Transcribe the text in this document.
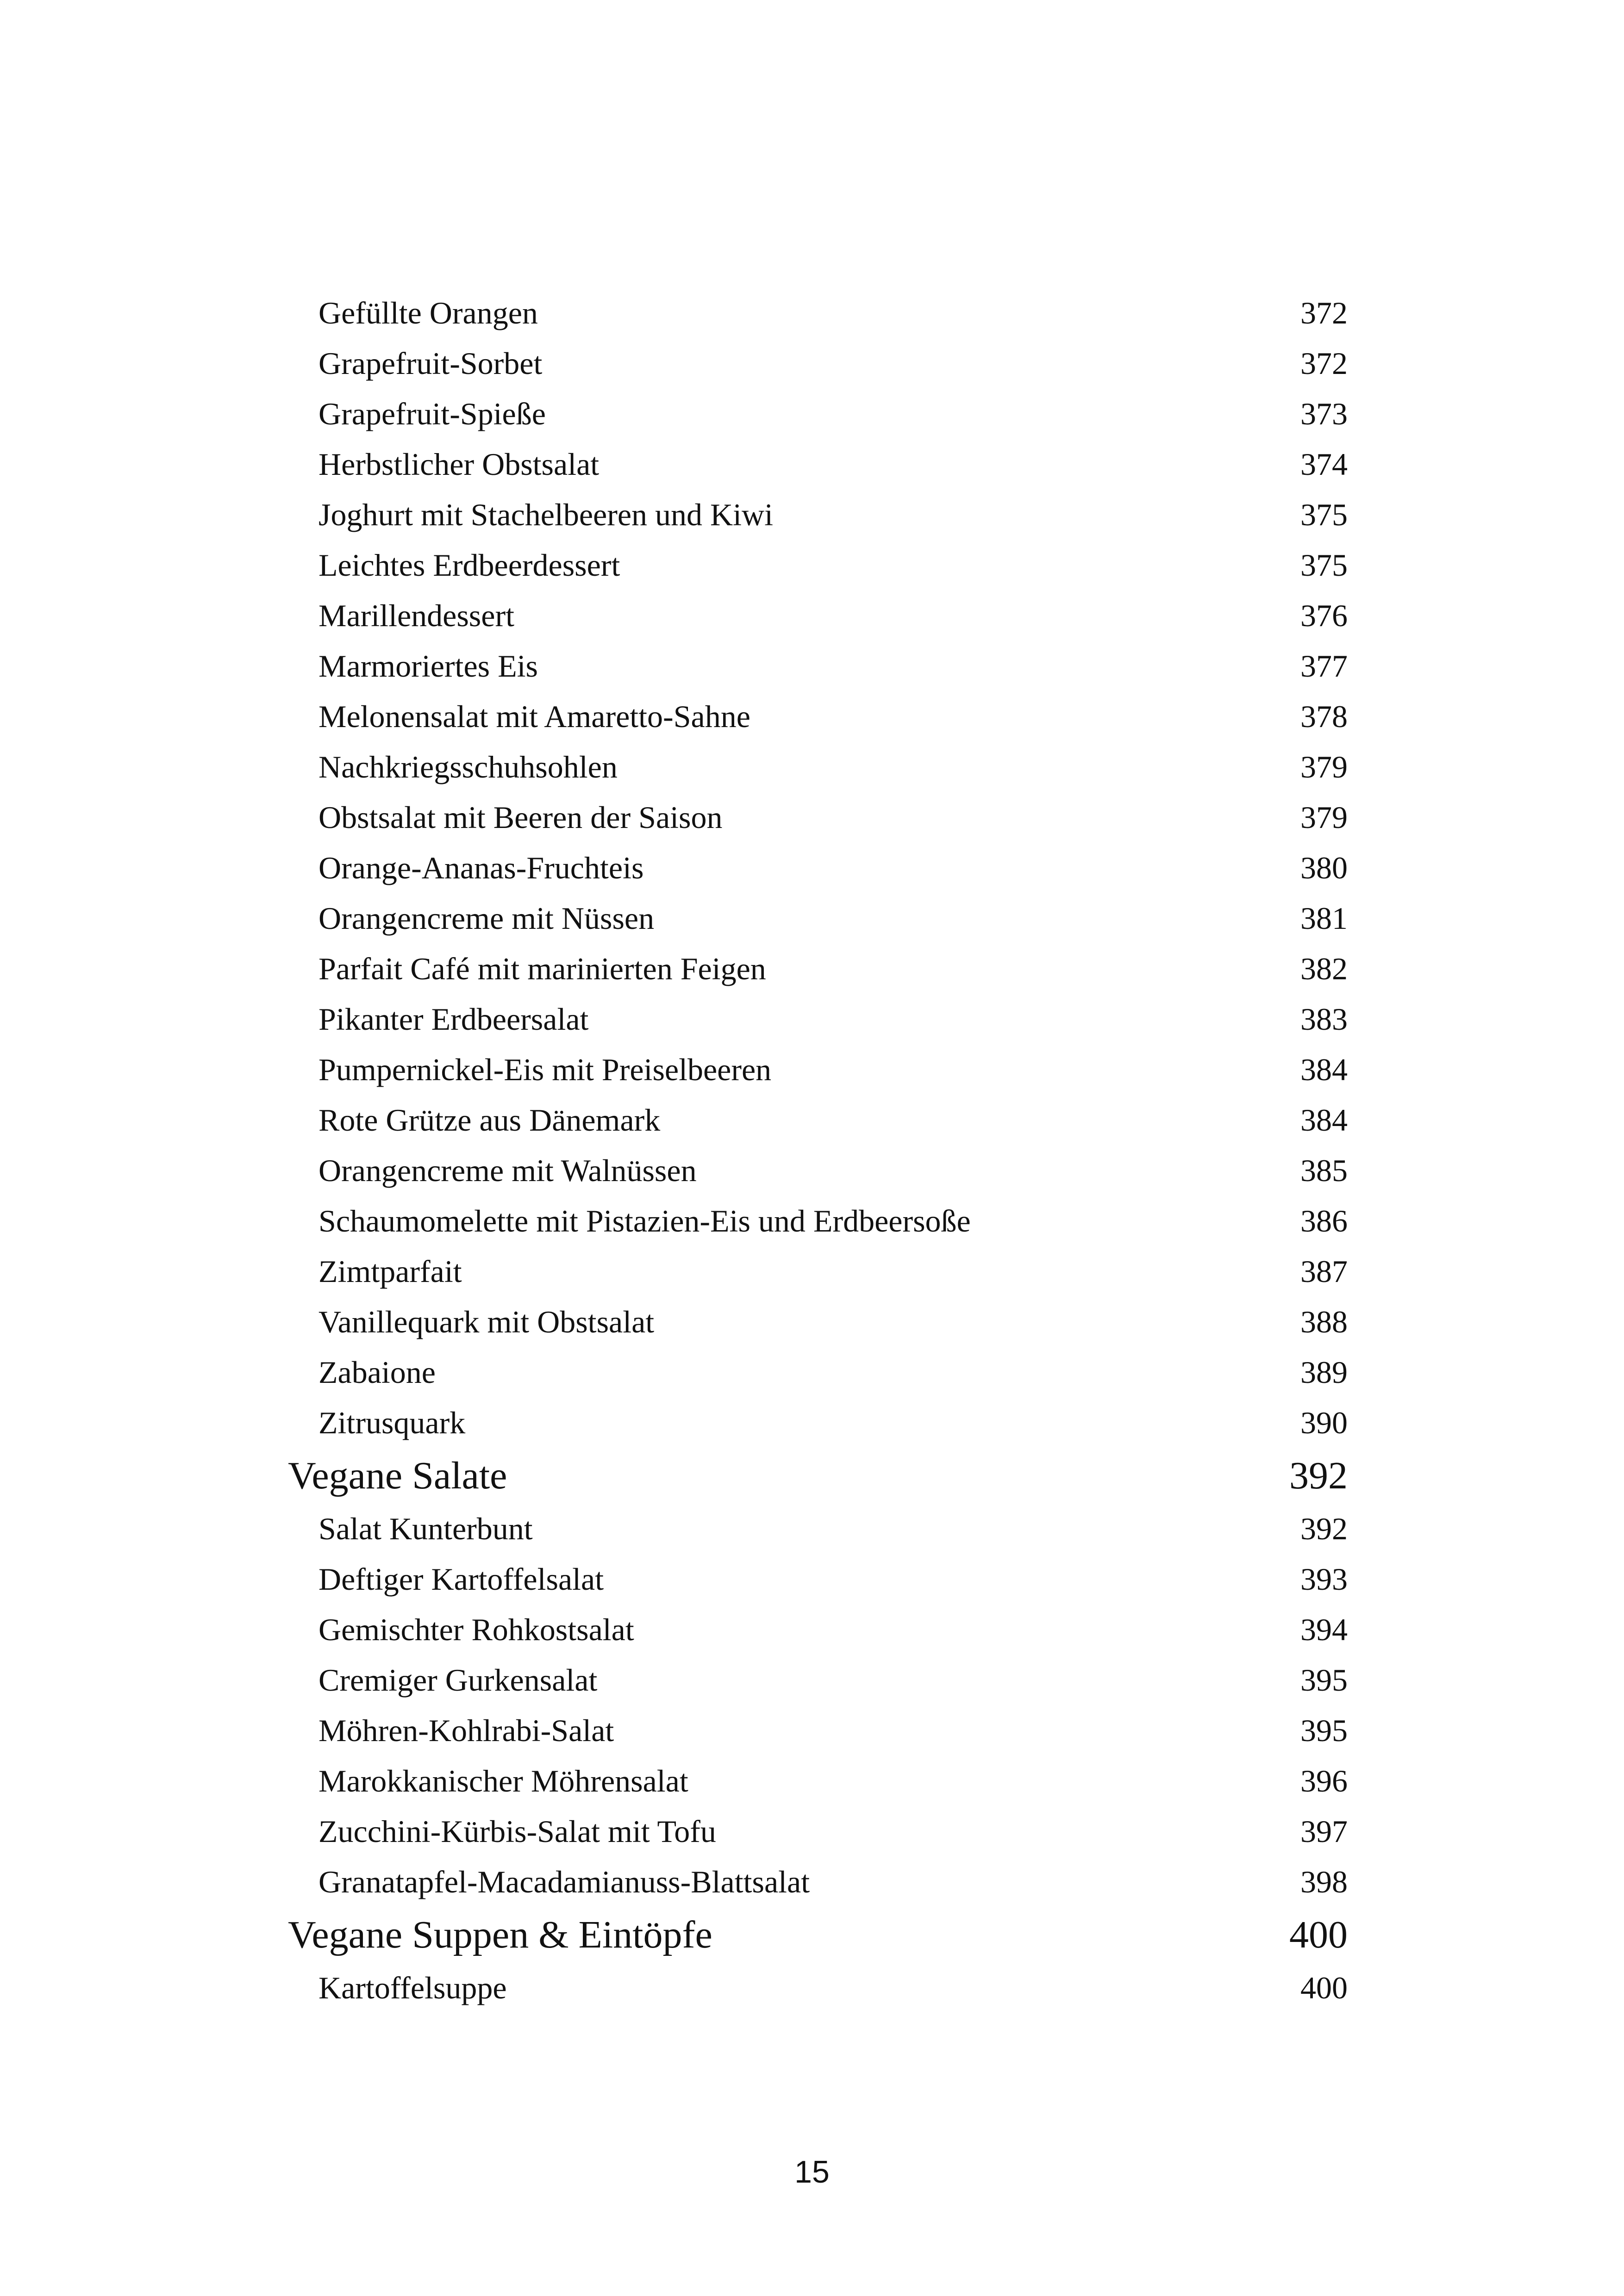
Gefüllte Orangen	372
Grapefruit-Sorbet	372
Grapefruit-Spieße	373
Herbstlicher Obstsalat	374
Joghurt mit Stachelbeeren und Kiwi	375
Leichtes Erdbeerdessert	375
Marillendessert	376
Marmoriertes Eis	377
Melonensalat mit Amaretto-Sahne	378
Nachkriegsschuhsohlen	379
Obstsalat mit Beeren der Saison	379
Orange-Ananas-Fruchteis	380
Orangencreme mit Nüssen	381
Parfait Café mit marinierten Feigen	382
Pikanter Erdbeersalat	383
Pumpernickel-Eis mit Preiselbeeren	384
Rote Grütze aus Dänemark	384
Orangencreme mit Walnüssen	385
Schaumomelette mit Pistazien-Eis und Erdbeersoße	386
Zimtparfait	387
Vanillequark mit Obstsalat	388
Zabaione	389
Zitrusquark	390
Vegane Salate	392
Salat Kunterbunt	392
Deftiger Kartoffelsalat	393
Gemischter Rohkostsalat	394
Cremiger Gurkensalat	395
Möhren-Kohlrabi-Salat	395
Marokkanischer Möhrensalat	396
Zucchini-Kürbis-Salat mit Tofu	397
Granatapfel-Macadamianuss-Blattsalat	398
Vegane Suppen & Eintöpfe	400
Kartoffelsuppe	400
15
